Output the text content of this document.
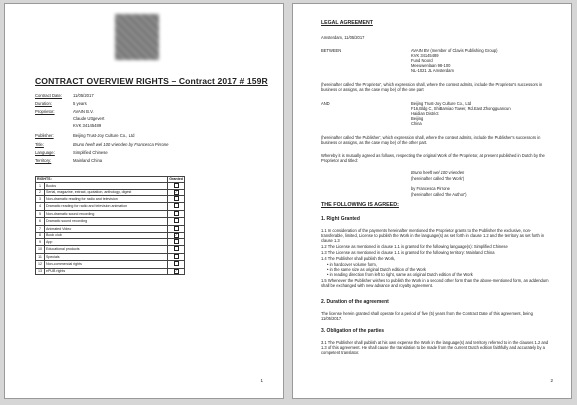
CONTRACT OVERVIEW RIGHTS – Contract 2017 # 159R
Contract Date:	11/05/2017
Duration:	5 years
Proprietor:	AVAIN B.V.
Claude Uttgevert
KVK 34145489
Publisher:	Beijing Trust-Joy Culture Co., Ltd
Title:	Bruno heeft wel 100 vrienden by Francesca Pirrone
Language:	Simplified Chinese
Territory:	Mainland China
RIGHTS:		Granted
1	Books	
2	Serial, magazine, extract, quotation, anthology, digest	✓
3	Non-dramatic reading for radio and television	
4	Dramatic reading for radio and television animation	
5	Non-dramatic sound recording	
6	Dramatic sound recording	
7	Animated Video	
8	Book club	✓
9	App	
10	Educational products	
11	Specials	
12	Non-commercial rights	
13	ePUB rights	✓
1
LEGAL AGREEMENT
Amsterdam, 11/05/2017
BETWEEN	AVAIN BV (member of Clavis Publishing Group)
KVK 34145489
Fund Noord
Meeuwenlaan 98-100
NL-1021 JL Amsterdam
(hereinafter called 'the Proprietor', which expression shall, where the context admits, include the Proprietor's successors in business or assigns, as the case may be) of the one part
AND	Beijing Trust-Joy Culture Co., Ltd
F16,Bldg C, ShiBamiao Tower, Rd.East Zhongguancun
Haidian District
Beijing
China
(hereinafter called 'the Publisher', which expression shall, where the context admits, include the Publisher's successors in business or assigns, as the case may be) of the other part.
Whereby it is mutually agreed as follows, respecting the original Work of the Proprietor, at present published in Dutch by the Proprietor and titled:
Bruno heeft wel 100 vrienden
(hereinafter called 'the Work')
by Francesca Pirrone
(hereinafter called 'the Author')
THE FOLLOWING IS AGREED:
1. Right Granted
1.1 In consideration of the payments hereinafter mentioned the Proprietor grants to the Publisher the exclusive, non-transferable, limited, License to publish the Work in the language(s) as set forth in clause 1.2 and the territory as set forth in clause 1.3
1.2 The License as mentioned in clause 1.1 is granted for the following language(s): Simplified Chinese
1.3 The License as mentioned in clause 1.1 is granted for the following territory: Mainland China
1.4 The Publisher shall publish the Work,
• in hardcover volume form,
• in the same size as original Dutch edition of the Work
• in reading direction from left to right, same as original Dutch edition of the Work
1.5 Whenever the Publisher wishes to publish the Work in a second other form than the above-mentioned form, an addendum shall be exchanged with new advance and royalty agreement.
2. Duration of the agreement
The license herein granted shall operate for a period of five (5) years from the Contract Date of this agreement, being 11/05/2017.
3. Obligation of the parties
3.1 The Publisher shall publish at his own expense the Work in the language(s) and territory referred to in the clauses 1.2 and 1.3 of this agreement. He shall cause the translation to be made from the current Dutch edition faithfully and accurately by a competent translator.
2
